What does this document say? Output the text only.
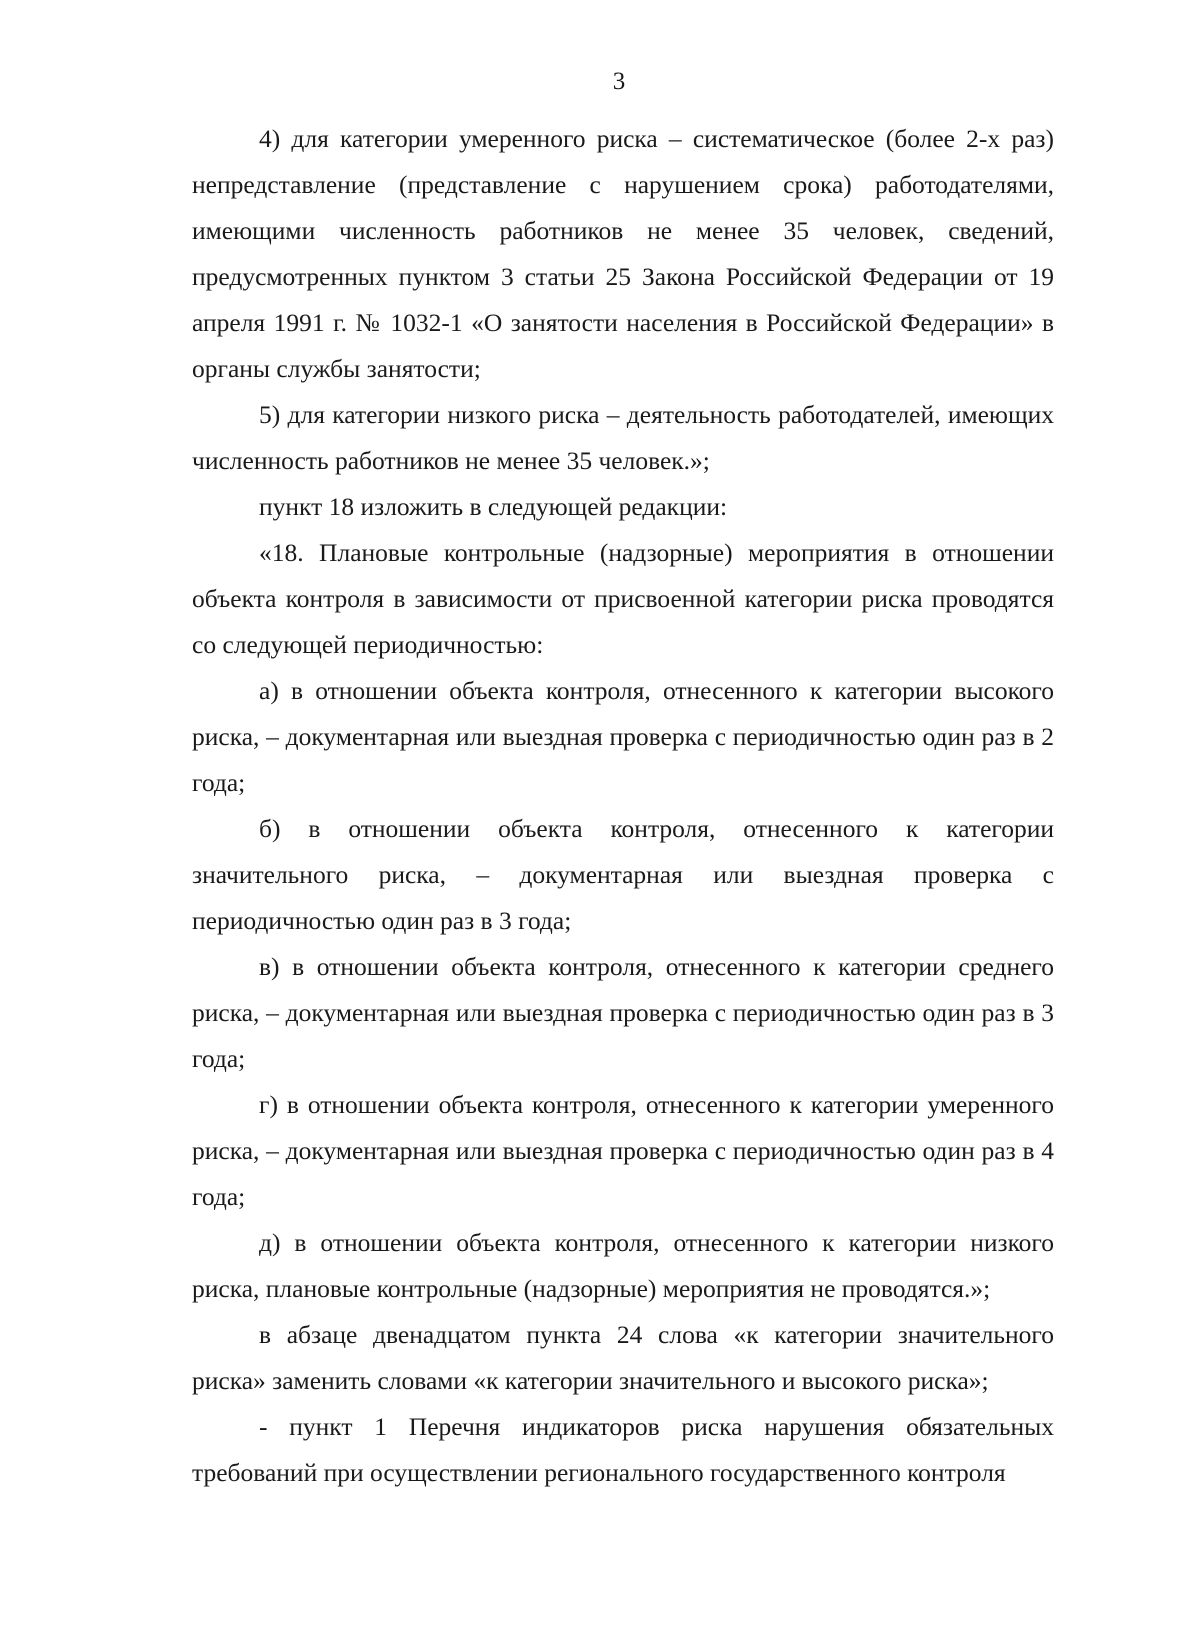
3

4) для категории умеренного риска – систематическое (более 2-х раз) непредставление (представление с нарушением срока) работодателями, имеющими численность работников не менее 35 человек, сведений, предусмотренных пунктом 3 статьи 25 Закона Российской Федерации от 19 апреля 1991 г. № 1032-1 «О занятости населения в Российской Федерации» в органы службы занятости;

5) для категории низкого риска – деятельность работодателей, имеющих численность работников не менее 35 человек.»;

пункт 18 изложить в следующей редакции:

«18. Плановые контрольные (надзорные) мероприятия в отношении объекта контроля в зависимости от присвоенной категории риска проводятся со следующей периодичностью:

а) в отношении объекта контроля, отнесенного к категории высокого риска, – документарная или выездная проверка с периодичностью один раз в 2 года;

б) в отношении объекта контроля, отнесенного к категории значительного риска, – документарная или выездная проверка с периодичностью один раз в 3 года;

в) в отношении объекта контроля, отнесенного к категории среднего риска, – документарная или выездная проверка с периодичностью один раз в 3 года;

г) в отношении объекта контроля, отнесенного к категории умеренного риска, – документарная или выездная проверка с периодичностью один раз в 4 года;

д) в отношении объекта контроля, отнесенного к категории низкого риска, плановые контрольные (надзорные) мероприятия не проводятся.»;

в абзаце двенадцатом пункта 24 слова «к категории значительного риска» заменить словами «к категории значительного и высокого риска»;

- пункт 1 Перечня индикаторов риска нарушения обязательных требований при осуществлении регионального государственного контроля
